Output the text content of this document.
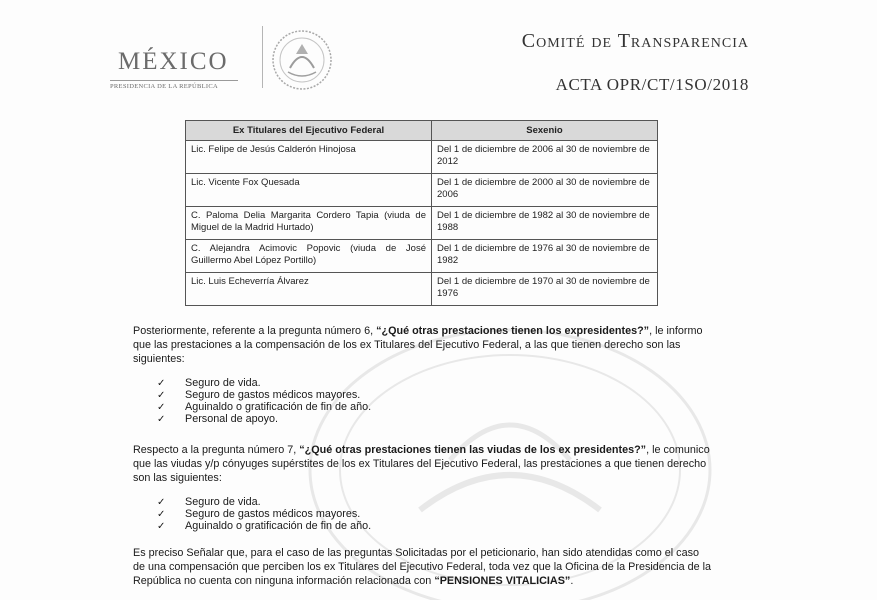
MÉXICO
PRESIDENCIA DE LA REPÚBLICA
Comité de Transparencia
ACTA OPR/CT/1SO/2018
Ex Titulares del Ejecutivo Federal	Sexenio
Lic. Felipe de Jesús Calderón Hinojosa	Del 1 de diciembre de 2006 al 30 de noviembre de 2012
Lic. Vicente Fox Quesada	Del 1 de diciembre de 2000 al 30 de noviembre de 2006
C. Paloma Delia Margarita Cordero Tapia (viuda de Miguel de la Madrid Hurtado)	Del 1 de diciembre de 1982 al 30 de noviembre de 1988
C. Alejandra Acimovic Popovic (viuda de José Guillermo Abel López Portillo)	Del 1 de diciembre de 1976 al 30 de noviembre de 1982
Lic. Luis Echeverría Álvarez	Del 1 de diciembre de 1970 al 30 de noviembre de 1976

Posteriormente, referente a la pregunta número 6, “¿Qué otras prestaciones tienen los expresidentes?”, le informo que las prestaciones a la compensación de los ex Titulares del Ejecutivo Federal, a las que tienen derecho son las siguientes:

✓	Seguro de vida.
✓	Seguro de gastos médicos mayores.
✓	Aguinaldo o gratificación de fin de año.
✓	Personal de apoyo.

Respecto a la pregunta número 7, “¿Qué otras prestaciones tienen las viudas de los ex presidentes?”, le comunico que las viudas y/p cónyuges supérstites de los ex Titulares del Ejecutivo Federal, las prestaciones a que tienen derecho son las siguientes:

✓	Seguro de vida.
✓	Seguro de gastos médicos mayores.
✓	Aguinaldo o gratificación de fin de año.

Es preciso Señalar que, para el caso de las preguntas Solicitadas por el peticionario, han sido atendidas como el caso de una compensación que perciben los ex Titulares del Ejecutivo Federal, toda vez que la Oficina de la Presidencia de la República no cuenta con ninguna información relacionada con “PENSIONES VITALICIAS”.
